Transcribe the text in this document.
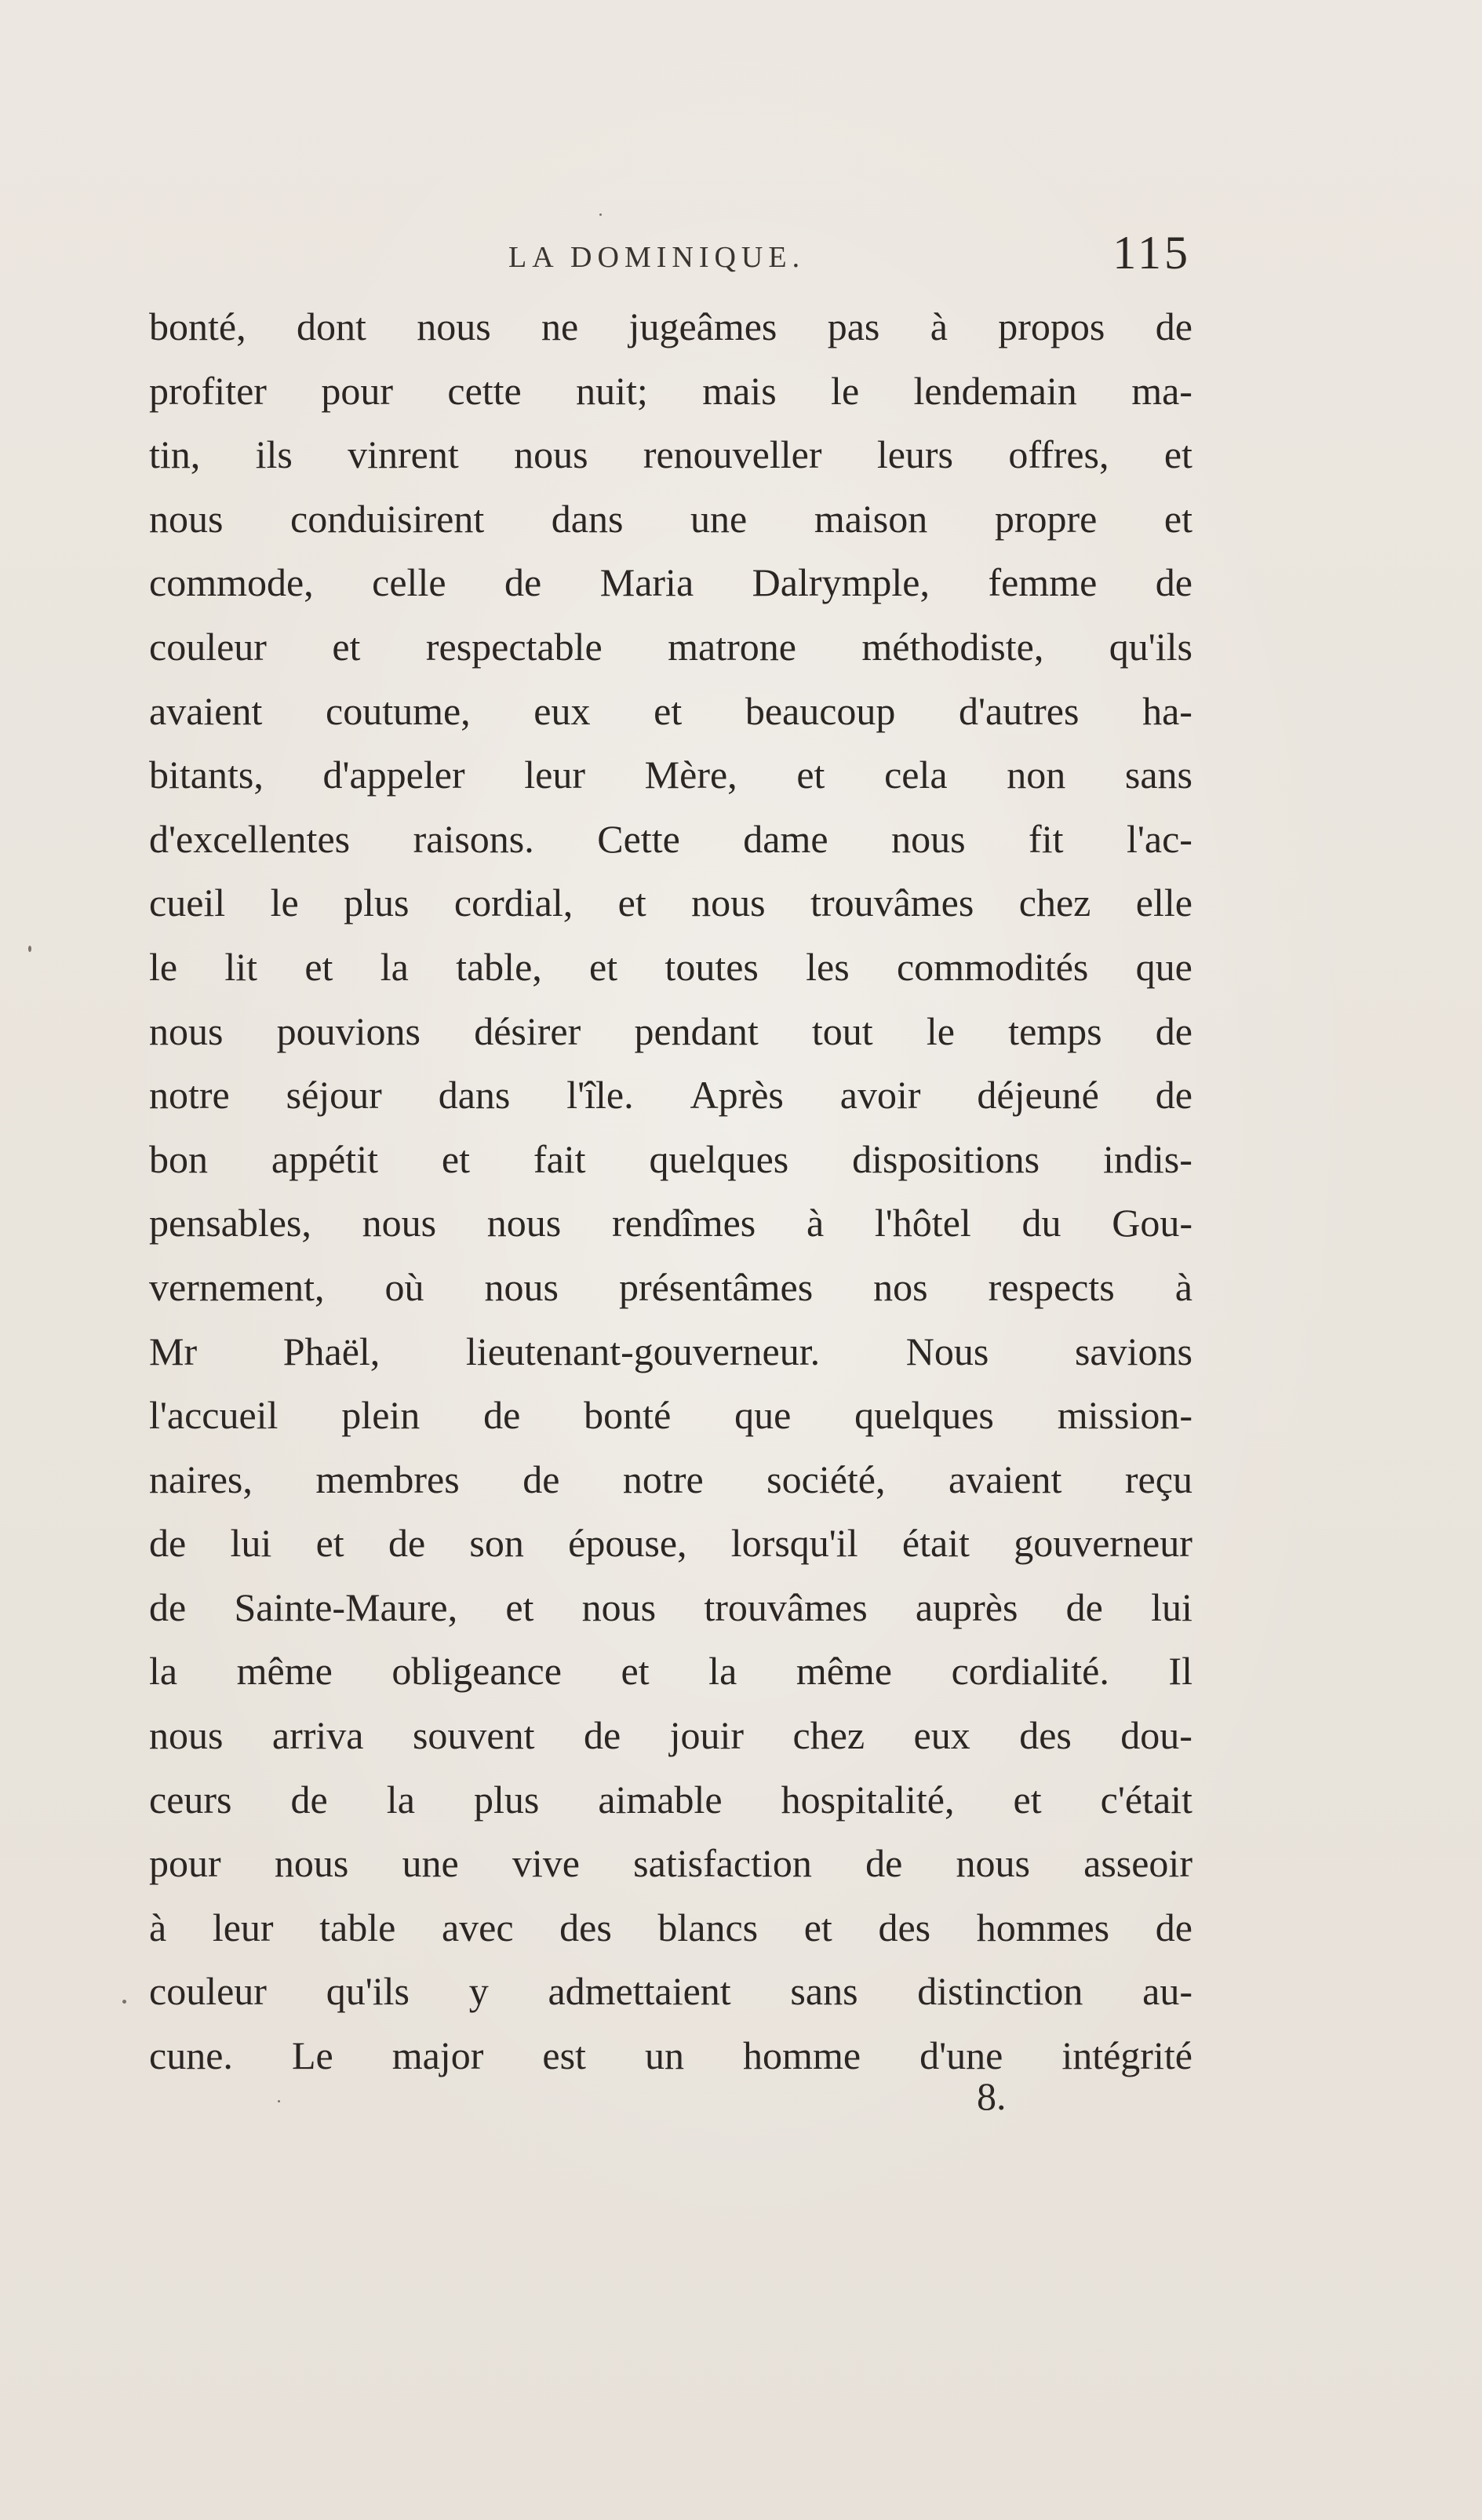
LA DOMINIQUE.	115
bonté, dont nous ne jugeâmes pas à propos de
profiter pour cette nuit; mais le lendemain ma-
tin, ils vinrent nous renouveller leurs offres, et
nous conduisirent dans une maison propre et
commode, celle de Maria Dalrymple, femme de
couleur et respectable matrone méthodiste, qu'ils
avaient coutume, eux et beaucoup d'autres ha-
bitants, d'appeler leur Mère, et cela non sans
d'excellentes raisons. Cette dame nous fit l'ac-
cueil le plus cordial, et nous trouvâmes chez elle
le lit et la table, et toutes les commodités que
nous pouvions désirer pendant tout le temps de
notre séjour dans l'île. Après avoir déjeuné de
bon appétit et fait quelques dispositions indis-
pensables, nous nous rendîmes à l'hôtel du Gou-
vernement, où nous présentâmes nos respects à
Mr Phaël, lieutenant-gouverneur. Nous savions
l'accueil plein de bonté que quelques mission-
naires, membres de notre société, avaient reçu
de lui et de son épouse, lorsqu'il était gouverneur
de Sainte-Maure, et nous trouvâmes auprès de lui
la même obligeance et la même cordialité. Il
nous arriva souvent de jouir chez eux des dou-
ceurs de la plus aimable hospitalité, et c'était
pour nous une vive satisfaction de nous asseoir
à leur table avec des blancs et des hommes de
couleur qu'ils y admettaient sans distinction au-
cune. Le major est un homme d'une intégrité
8.
